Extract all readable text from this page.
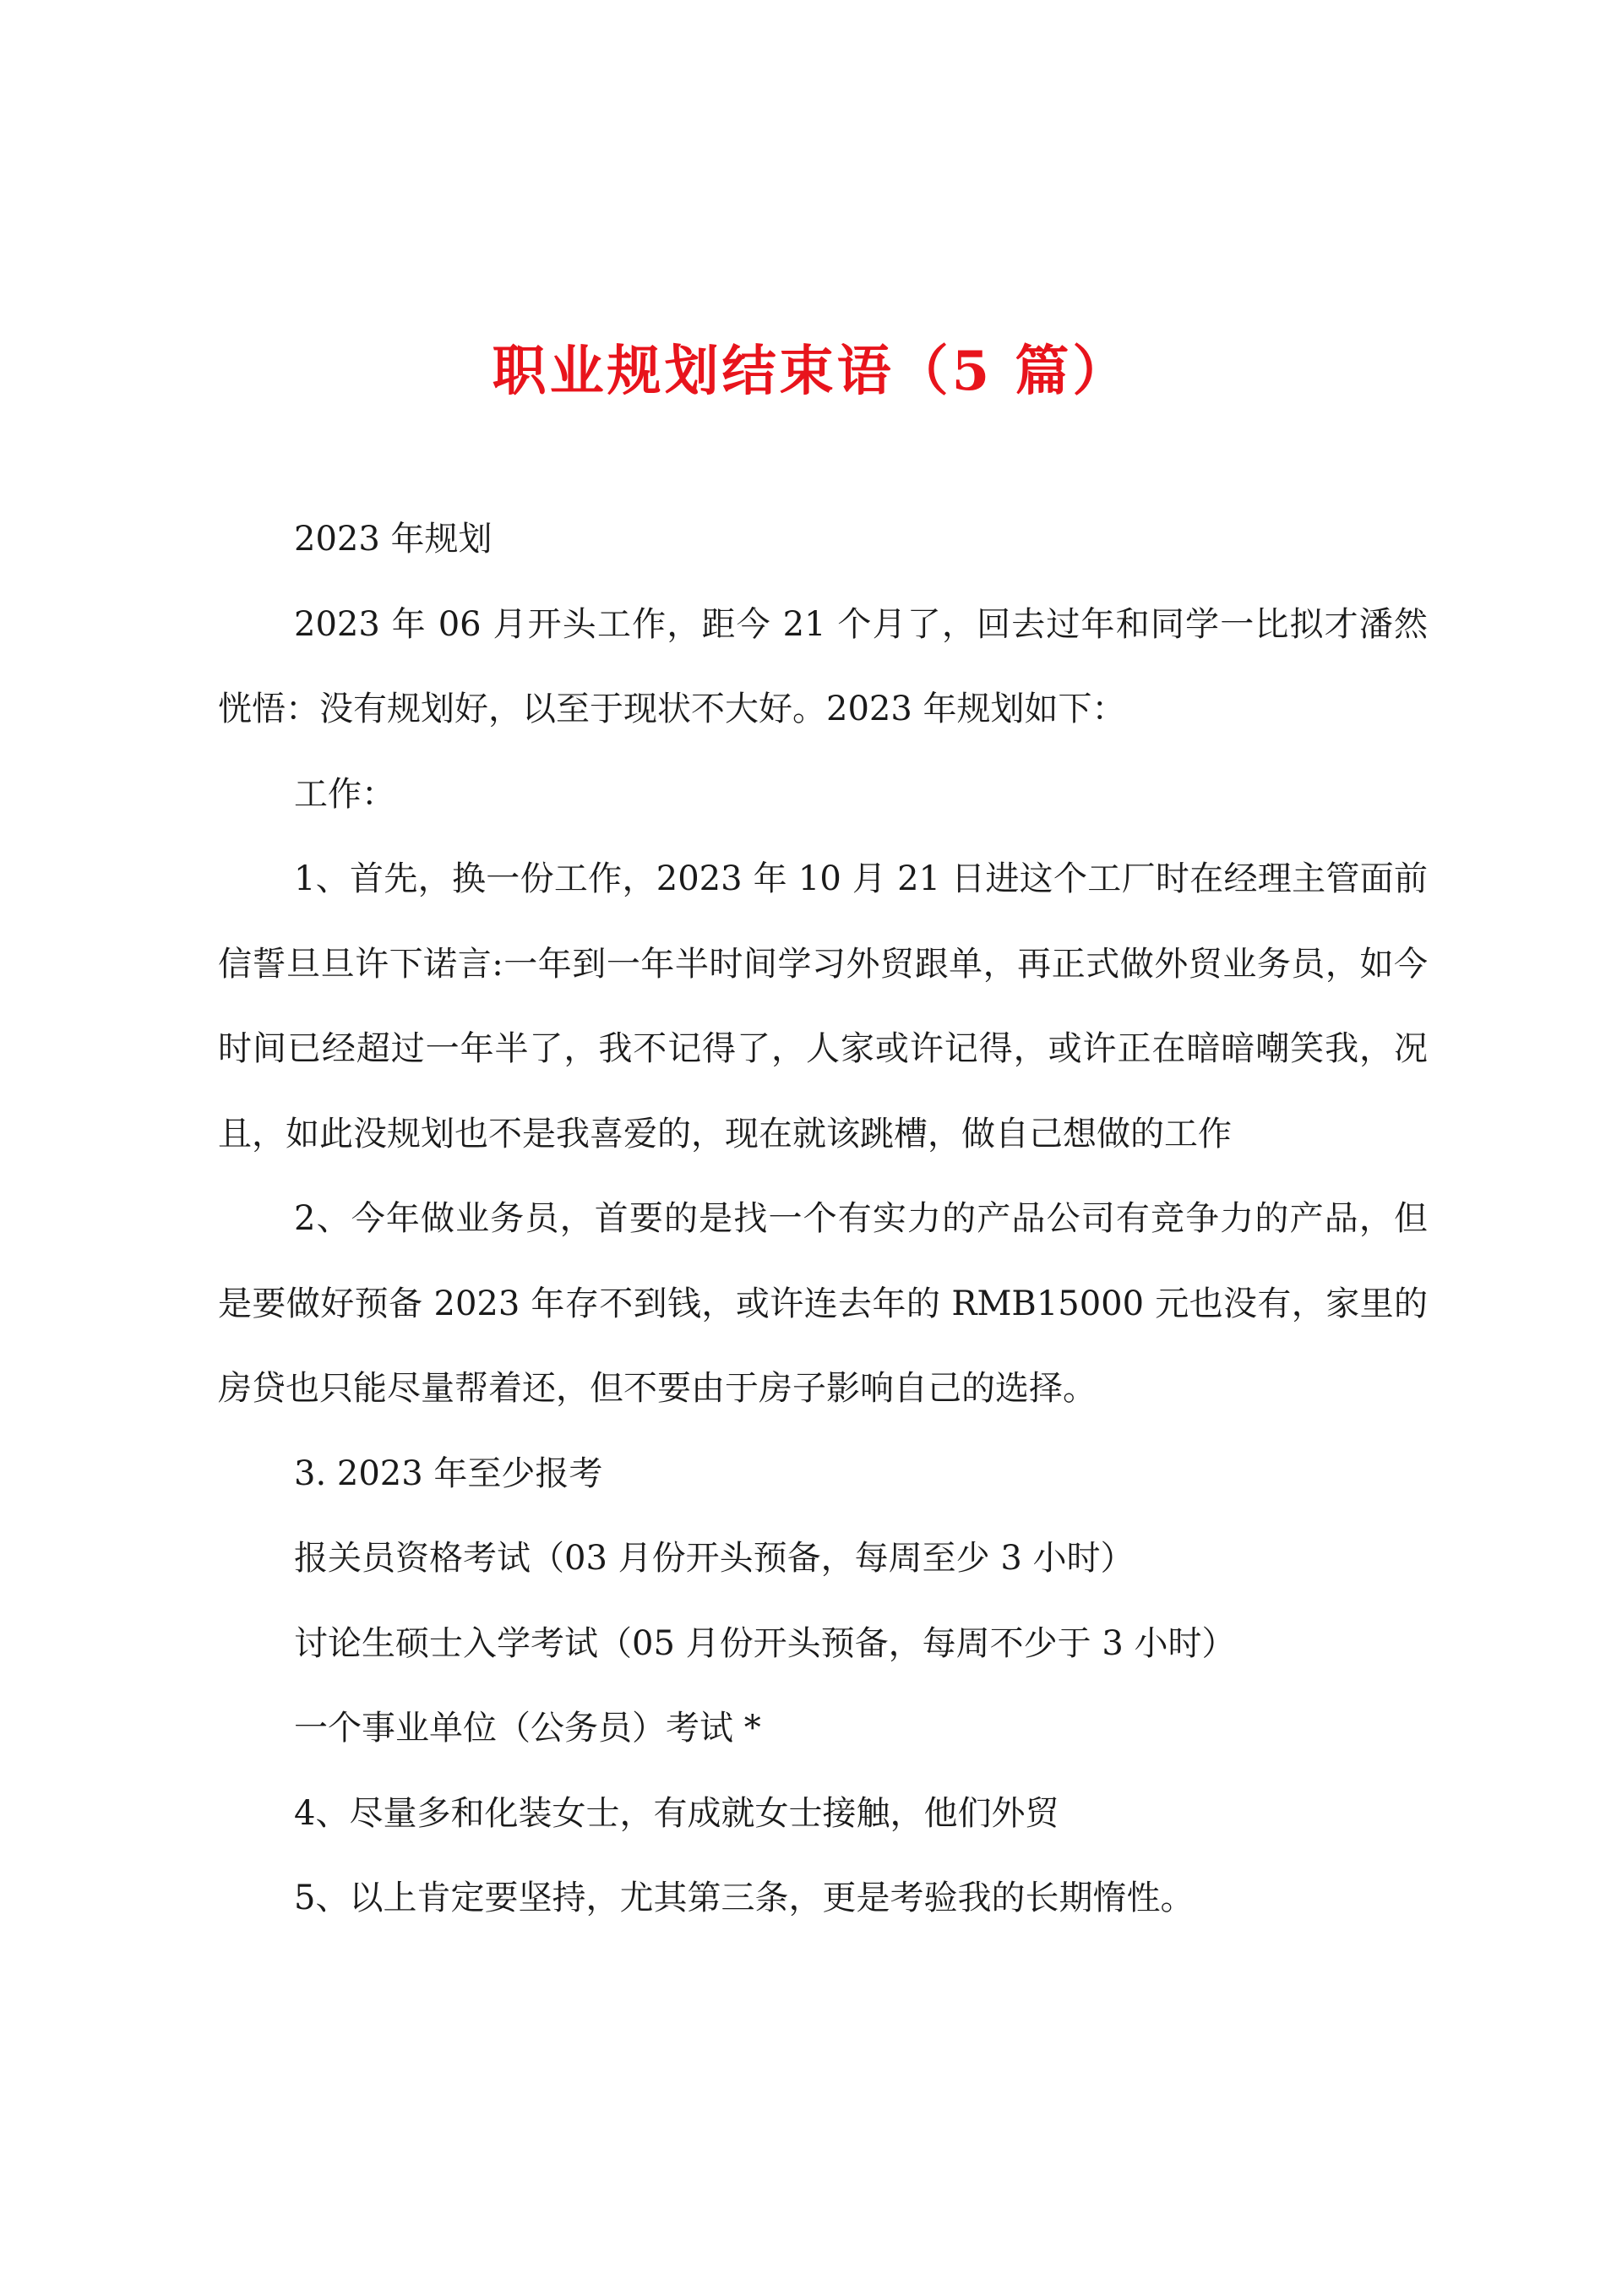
职业规划结束语（5 篇）

2023 年规划

2023 年 06 月开头工作，距今 21 个月了，回去过年和同学一比拟才潘然恍悟：没有规划好，以至于现状不大好。2023 年规划如下：

工作：

1、首先，换一份工作，2023 年 10 月 21 日进这个工厂时在经理主管面前信誓旦旦许下诺言:一年到一年半时间学习外贸跟单，再正式做外贸业务员，如今时间已经超过一年半了，我不记得了，人家或许记得，或许正在暗暗嘲笑我，况且，如此没规划也不是我喜爱的，现在就该跳槽，做自己想做的工作

2、今年做业务员，首要的是找一个有实力的产品公司有竞争力的产品，但是要做好预备 2023 年存不到钱，或许连去年的 RMB15000 元也没有，家里的房贷也只能尽量帮着还，但不要由于房子影响自己的选择。

3. 2023 年至少报考

报关员资格考试（03 月份开头预备，每周至少 3 小时）

讨论生硕士入学考试（05 月份开头预备，每周不少于 3 小时）

一个事业单位（公务员）考试 *

4、尽量多和化装女士，有成就女士接触，他们外贸

5、以上肯定要坚持，尤其第三条，更是考验我的长期惰性。
